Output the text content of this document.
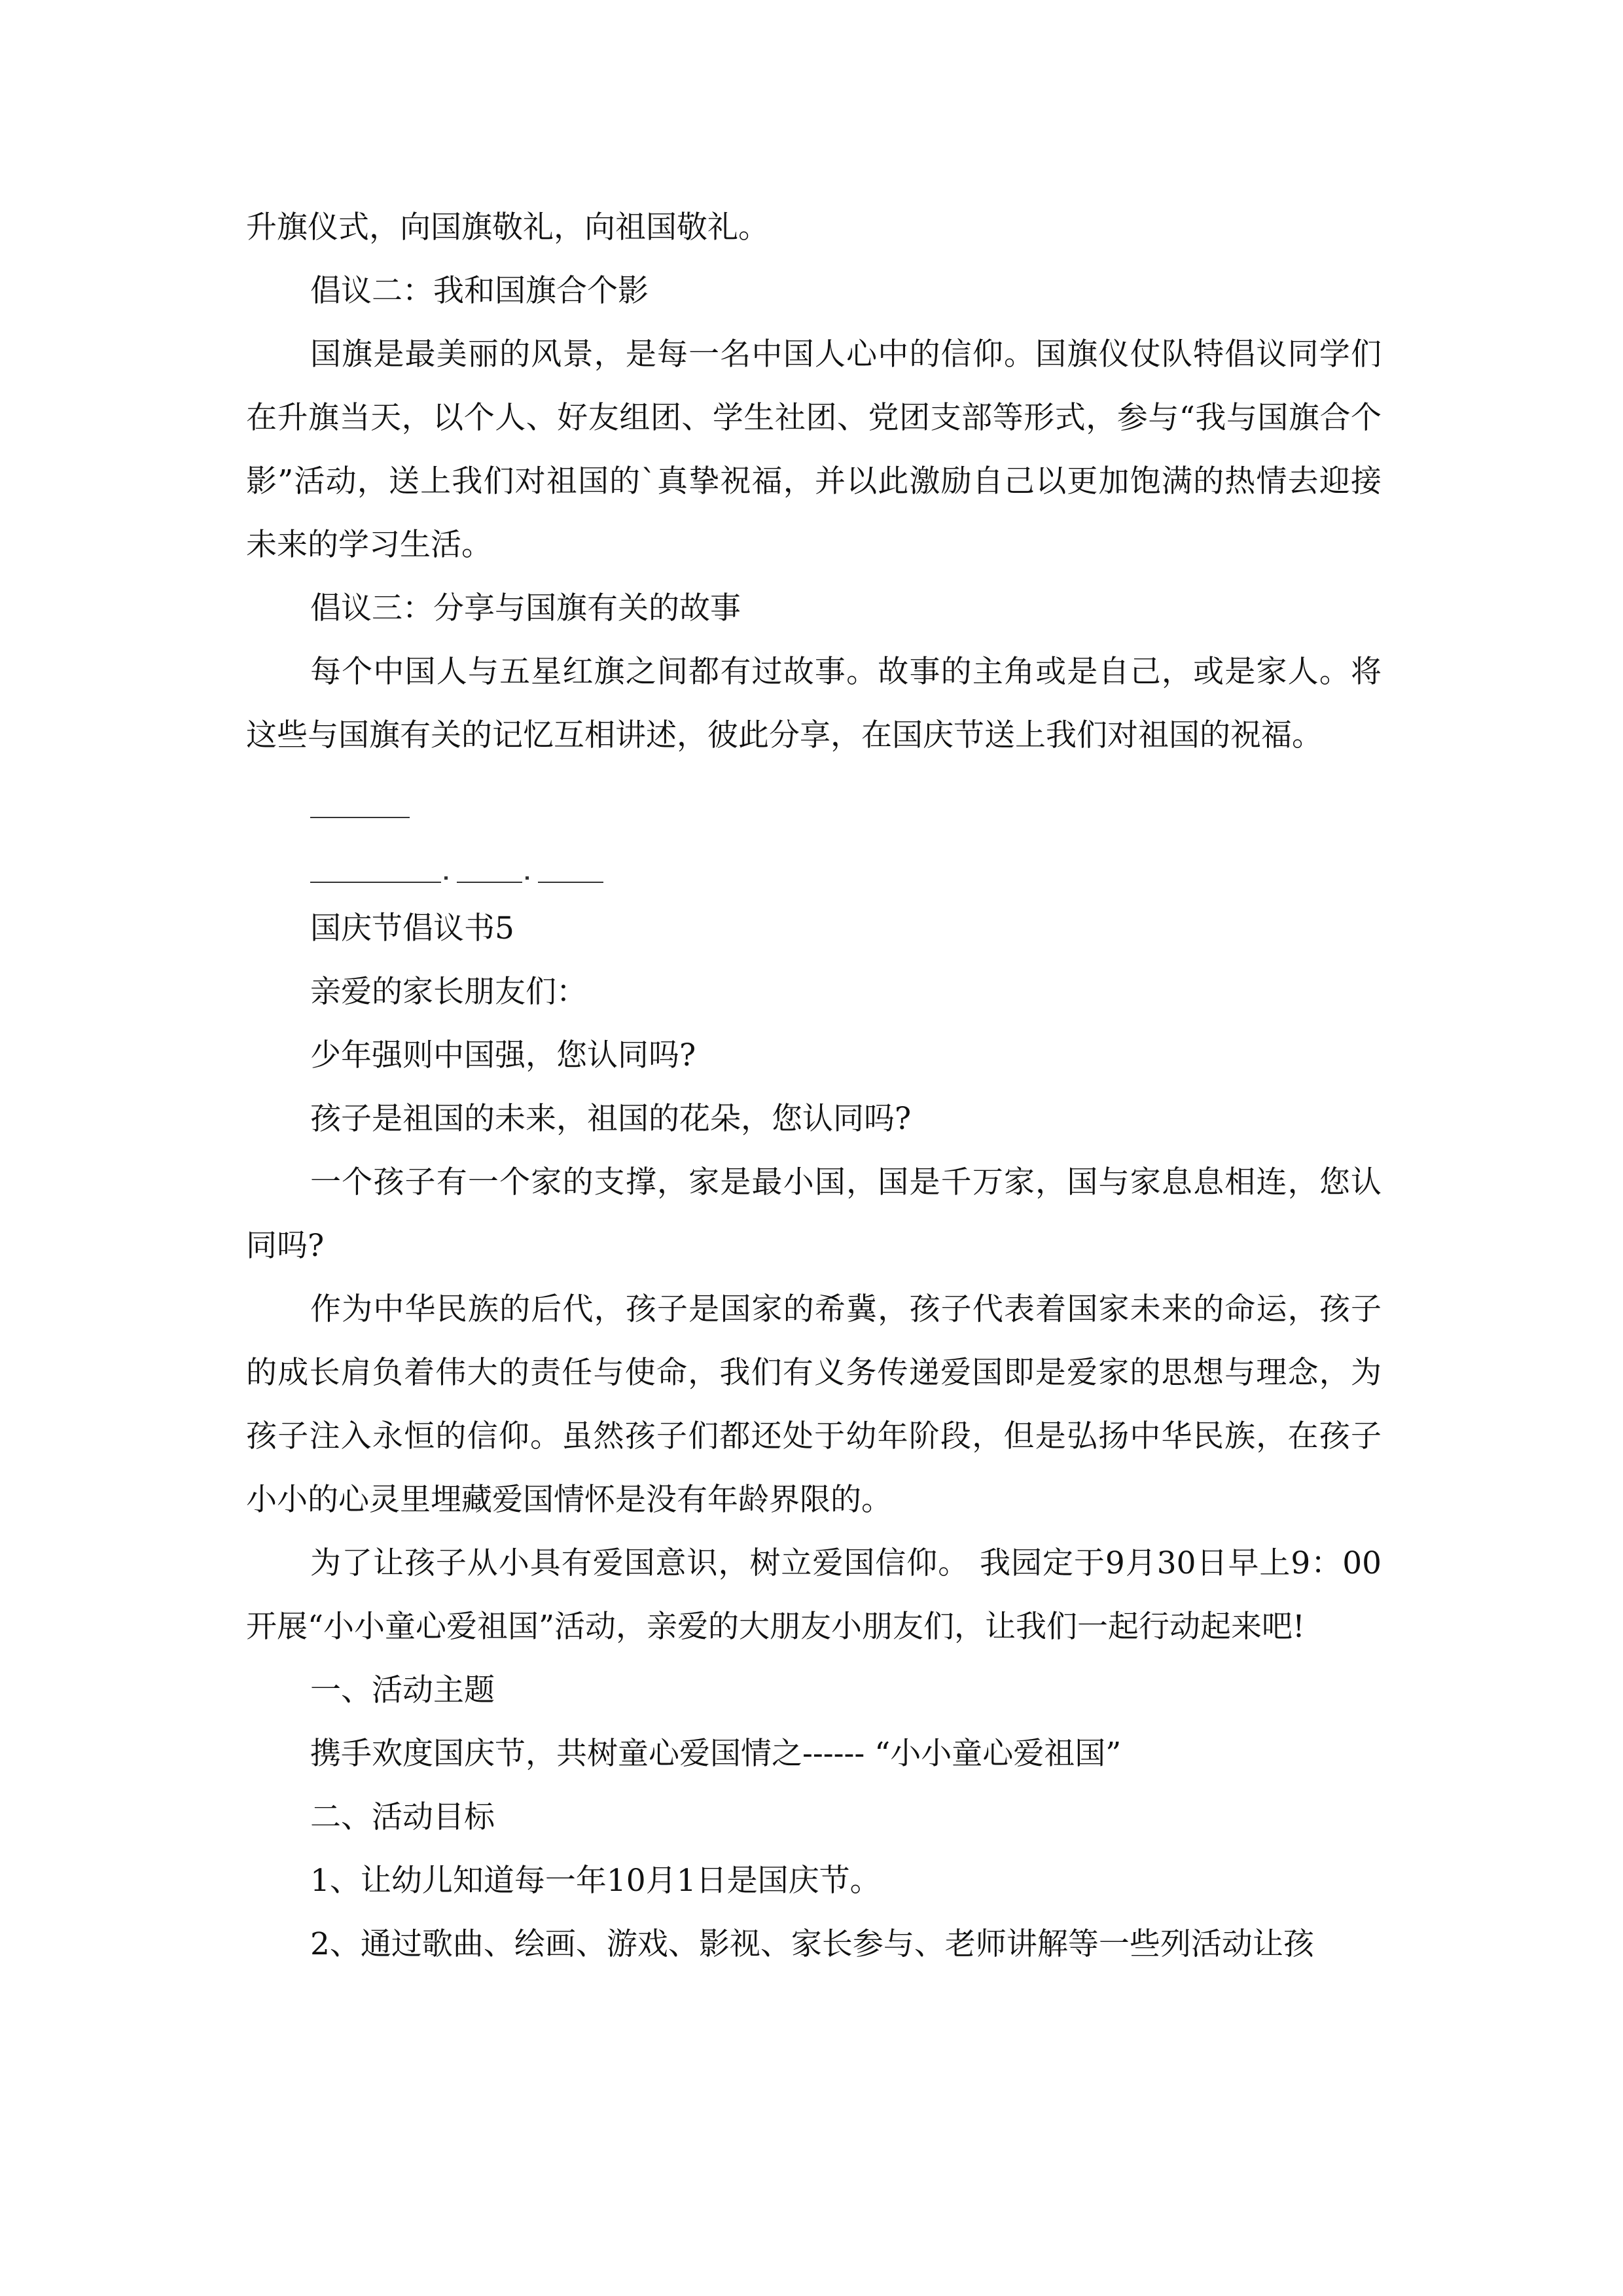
升旗仪式，向国旗敬礼，向祖国敬礼。

倡议二：我和国旗合个影

国旗是最美丽的风景，是每一名中国人心中的信仰。国旗仪仗队特倡议同学们在升旗当天，以个人、好友组团、学生社团、党团支部等形式，参与“我与国旗合个影”活动，送上我们对祖国的`真挚祝福，并以此激励自己以更加饱满的热情去迎接未来的学习生活。

倡议三：分享与国旗有关的故事

每个中国人与五星红旗之间都有过故事。故事的主角或是自己，或是家人。将这些与国旗有关的记忆互相讲述，彼此分享，在国庆节送上我们对祖国的祝福。

国庆节倡议书5

亲爱的家长朋友们：

少年强则中国强，您认同吗?

孩子是祖国的未来，祖国的花朵，您认同吗?

一个孩子有一个家的支撑，家是最小国，国是千万家，国与家息息相连，您认同吗?

作为中华民族的后代，孩子是国家的希冀，孩子代表着国家未来的命运，孩子的成长肩负着伟大的责任与使命，我们有义务传递爱国即是爱家的思想与理念，为孩子注入永恒的信仰。虽然孩子们都还处于幼年阶段，但是弘扬中华民族，在孩子小小的心灵里埋藏爱国情怀是没有年龄界限的。

为了让孩子从小具有爱国意识，树立爱国信仰。 我园定于9月30日早上9：00开展“小小童心爱祖国”活动，亲爱的大朋友小朋友们，让我们一起行动起来吧!

一、活动主题

携手欢度国庆节，共树童心爱国情之------ “小小童心爱祖国”

二、活动目标

1、让幼儿知道每一年10月1日是国庆节。

2、通过歌曲、绘画、游戏、影视、家长参与、老师讲解等一些列活动让孩
